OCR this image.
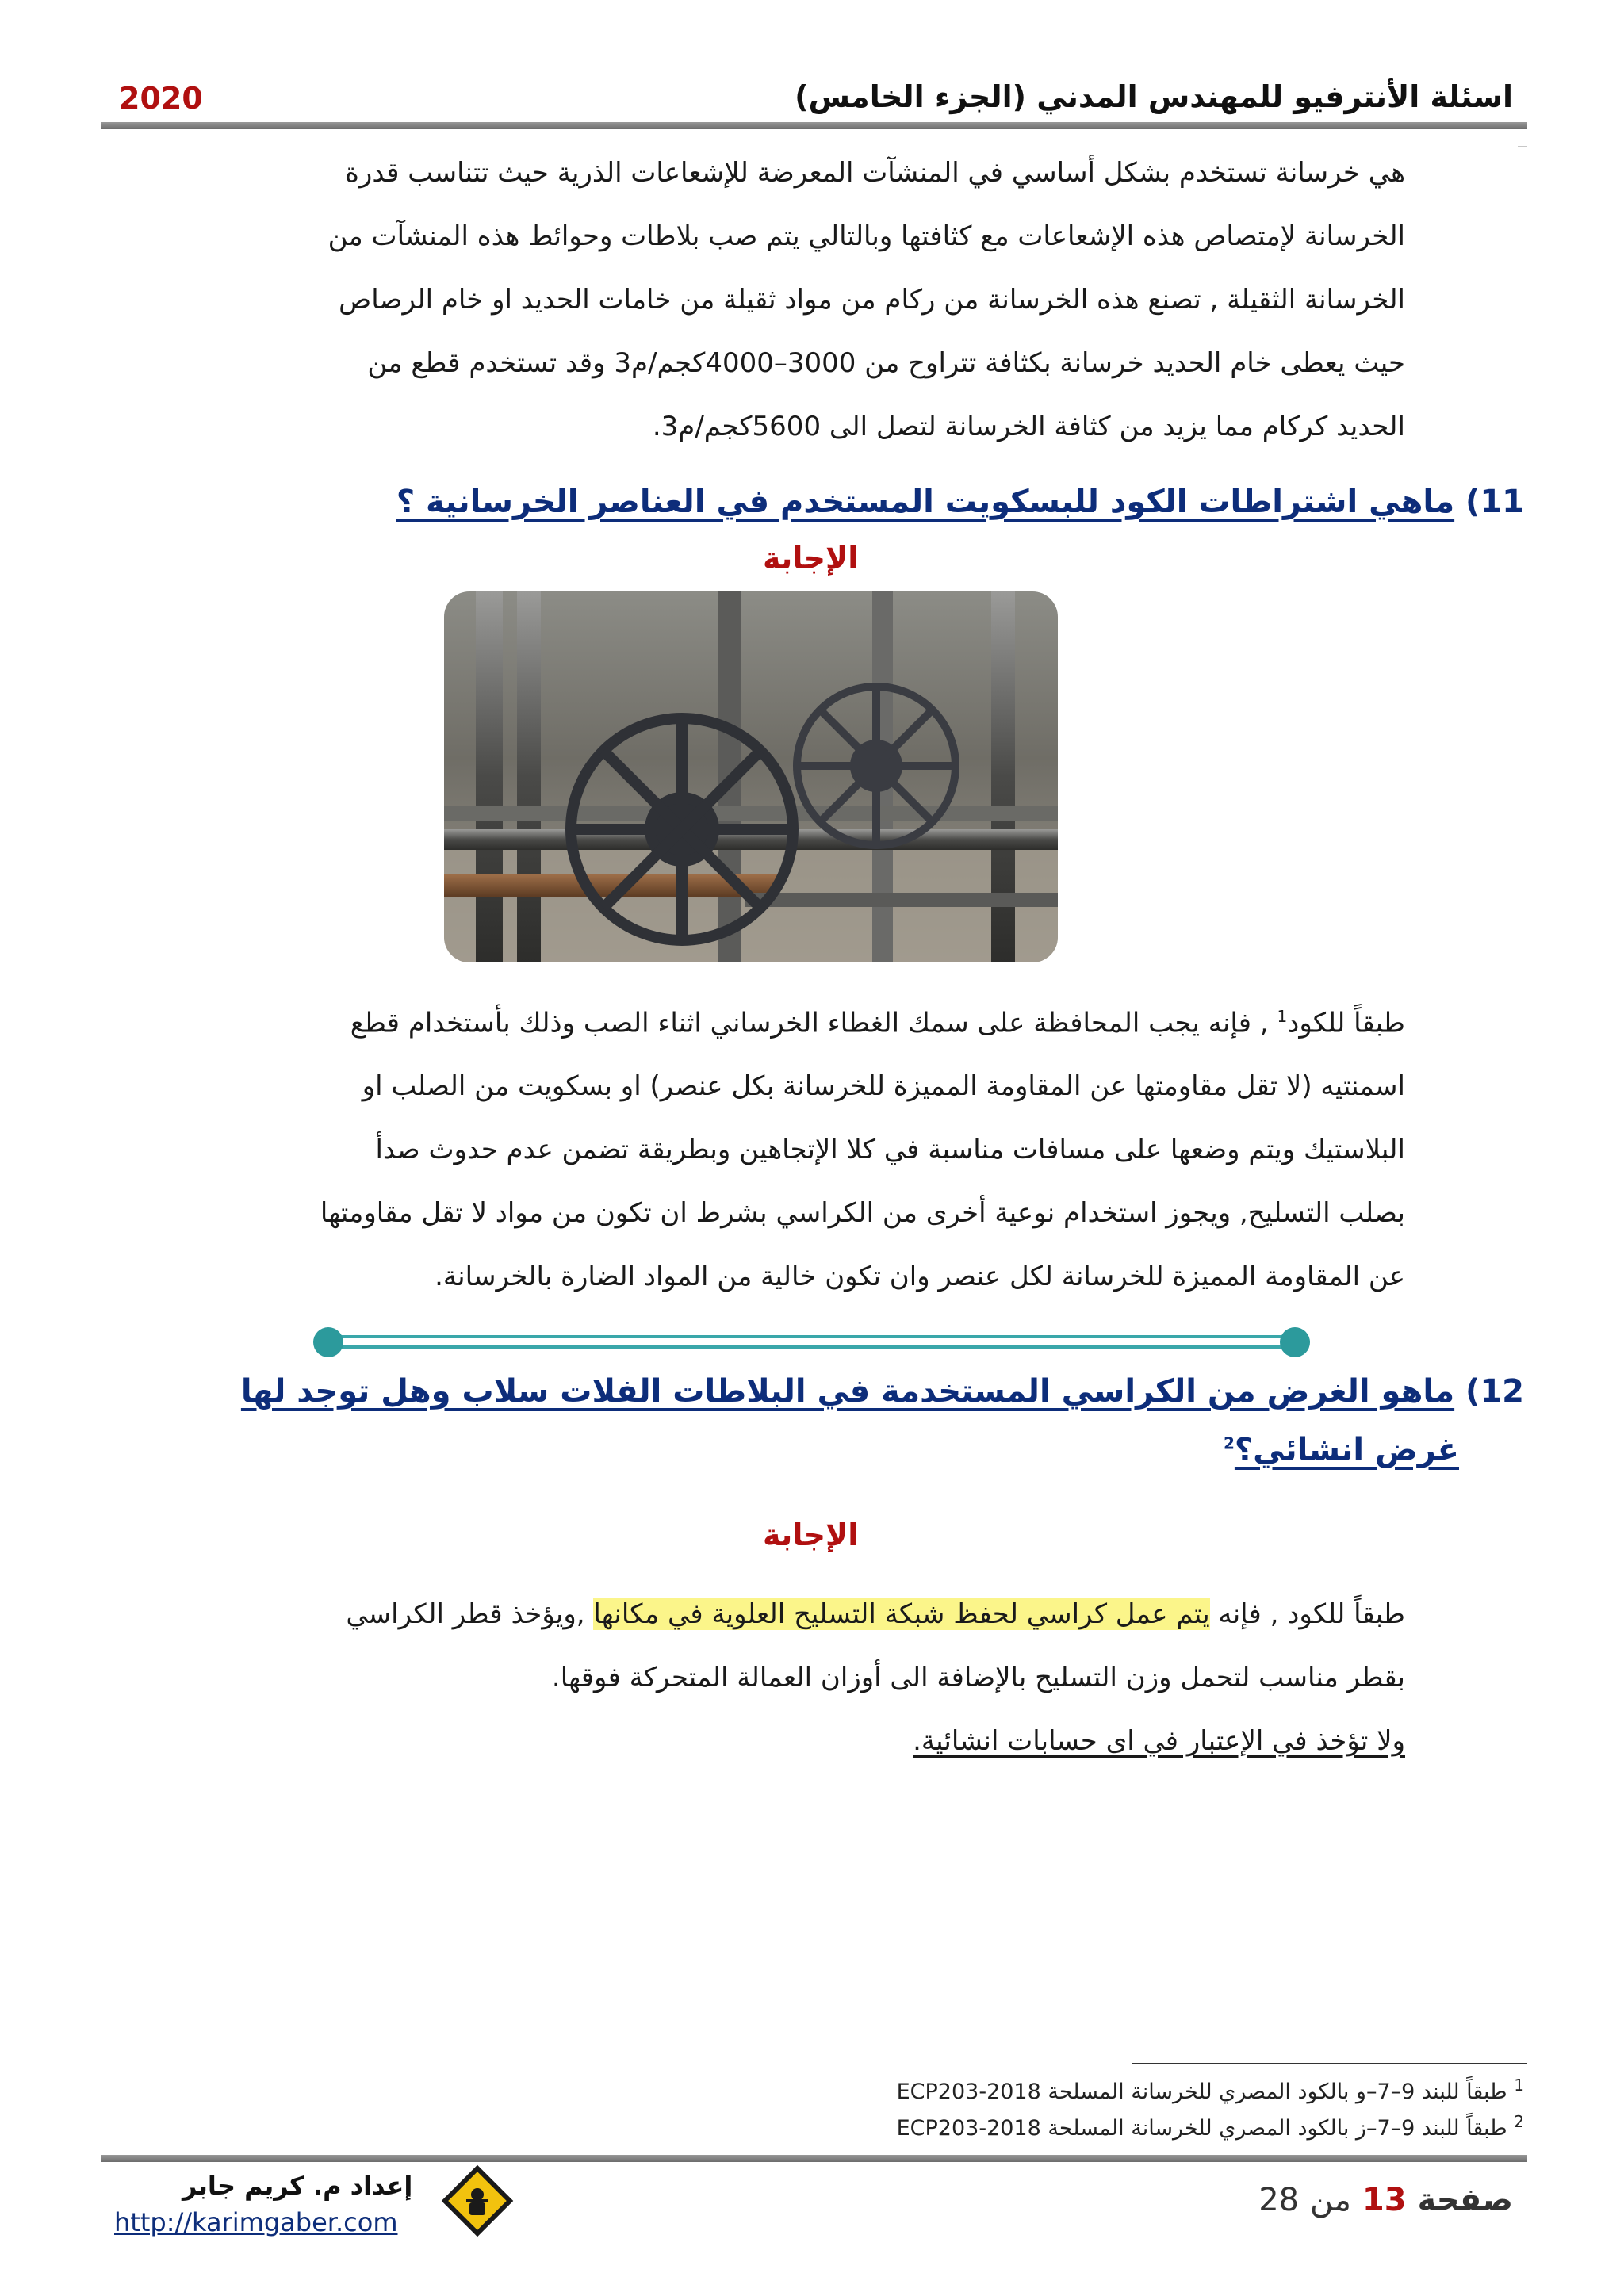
اسئلة الأنترفيو للمهندس المدني (الجزء الخامس)
2020

هي خرسانة تستخدم بشكل أساسي في المنشآت المعرضة للإشعاعات الذرية حيث تتناسب قدرة

الخرسانة لإمتصاص هذه الإشعاعات مع كثافتها وبالتالي يتم صب بلاطات وحوائط هذه المنشآت من

الخرسانة الثقيلة , تصنع هذه الخرسانة من ركام من مواد ثقيلة من خامات الحديد او خام الرصاص

حيث يعطى خام الحديد خرسانة بكثافة تتراوح من 3000–4000كجم/م3 وقد تستخدم قطع من

الحديد كركام مما يزيد من كثافة الخرسانة لتصل الى 5600كجم/م3.

11) ماهي اشتراطات الكود للبسكويت المستخدم في العناصر الخرسانية ؟
الإجابة

طبقاً للكود$^1$ , فإنه يجب المحافظة على سمك الغطاء الخرساني اثناء الصب وذلك بأستخدام قطع

اسمنتيه (لا تقل مقاومتها عن المقاومة المميزة للخرسانة بكل عنصر) او بسكويت من الصلب او

البلاستيك ويتم وضعها على مسافات مناسبة في كلا الإتجاهين وبطريقة تضمن عدم حدوث صدأ

بصلب التسليح, ويجوز استخدام نوعية أخرى من الكراسي بشرط ان تكون من مواد لا تقل مقاومتها

عن المقاومة المميزة للخرسانة لكل عنصر وان تكون خالية من المواد الضارة بالخرسانة.

12) ماهو الغرض من الكراسي المستخدمة في البلاطات الفلات سلاب وهل توجد لها
غرض انشائي؟$^2$
الإجابة

طبقاً للكود , فإنه يتم عمل كراسي لحفظ شبكة التسليح العلوية في مكانها ,ويؤخذ قطر الكراسي

بقطر مناسب لتحمل وزن التسليح بالإضافة الى أوزان العمالة المتحركة فوقها.

ولا تؤخذ في الإعتبار في اى حسابات انشائية.

$^1$ طبقاً للبند 9–7–و بالكود المصري للخرسانة المسلحة ECP203-2018
$^2$ طبقاً للبند 9–7–ز بالكود المصري للخرسانة المسلحة ECP203-2018
إعداد م. كريم جابر
http://karimgaber.com
صفحة 13 من 28
